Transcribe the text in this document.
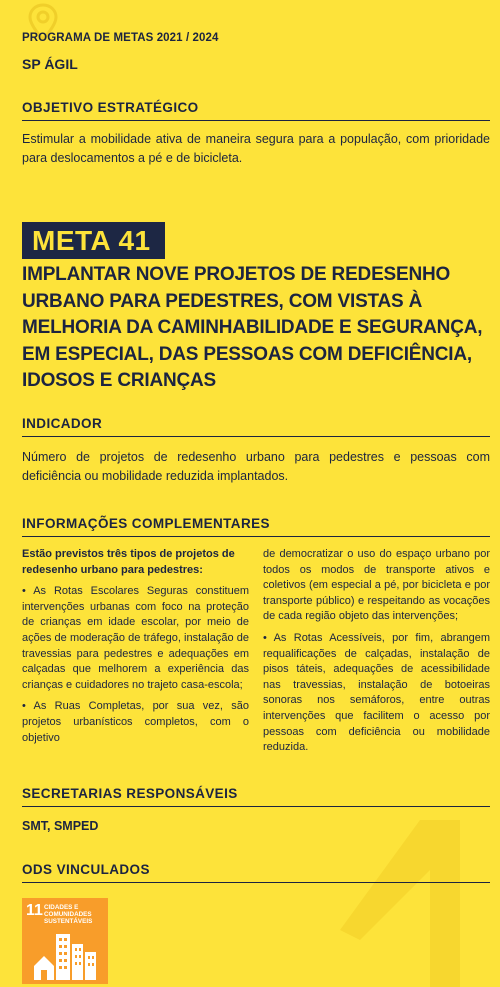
PROGRAMA DE METAS 2021 / 2024
SP ÁGIL
OBJETIVO ESTRATÉGICO
Estimular a mobilidade ativa de maneira segura para a população, com prioridade para deslocamentos a pé e de bicicleta.
META 41
IMPLANTAR NOVE PROJETOS DE REDESENHO URBANO PARA PEDESTRES, COM VISTAS À MELHORIA DA CAMINHABILIDADE E SEGURANÇA, EM ESPECIAL, DAS PESSOAS COM DEFICIÊNCIA, IDOSOS E CRIANÇAS
INDICADOR
Número de projetos de redesenho urbano para pedestres e pessoas com deficiência ou mobilidade reduzida implantados.
INFORMAÇÕES COMPLEMENTARES

Estão previstos três tipos de projetos de redesenho urbano para pedestres:

• As Rotas Escolares Seguras constituem intervenções urbanas com foco na proteção de crianças em idade escolar, por meio de ações de moderação de tráfego, instalação de travessias para pedestres e adequações em calçadas que melhorem a experiência das crianças e cuidadores no trajeto casa-escola;

• As Ruas Completas, por sua vez, são projetos urbanísticos completos, com o objetivo

de democratizar o uso do espaço urbano por todos os modos de transporte ativos e coletivos (em especial a pé, por bicicleta e por transporte público) e respeitando as vocações de cada região objeto das intervenções;

• As Rotas Acessíveis, por fim, abrangem requalificações de calçadas, instalação de pisos táteis, adequações de acessibilidade nas travessias, instalação de botoeiras sonoras nos semáforos, entre outras intervenções que facilitem o acesso por pessoas com deficiência ou mobilidade reduzida.

SECRETARIAS RESPONSÁVEIS
SMT, SMPED
ODS VINCULADOS
11 CIDADES E COMUNIDADES SUSTENTÁVEIS
